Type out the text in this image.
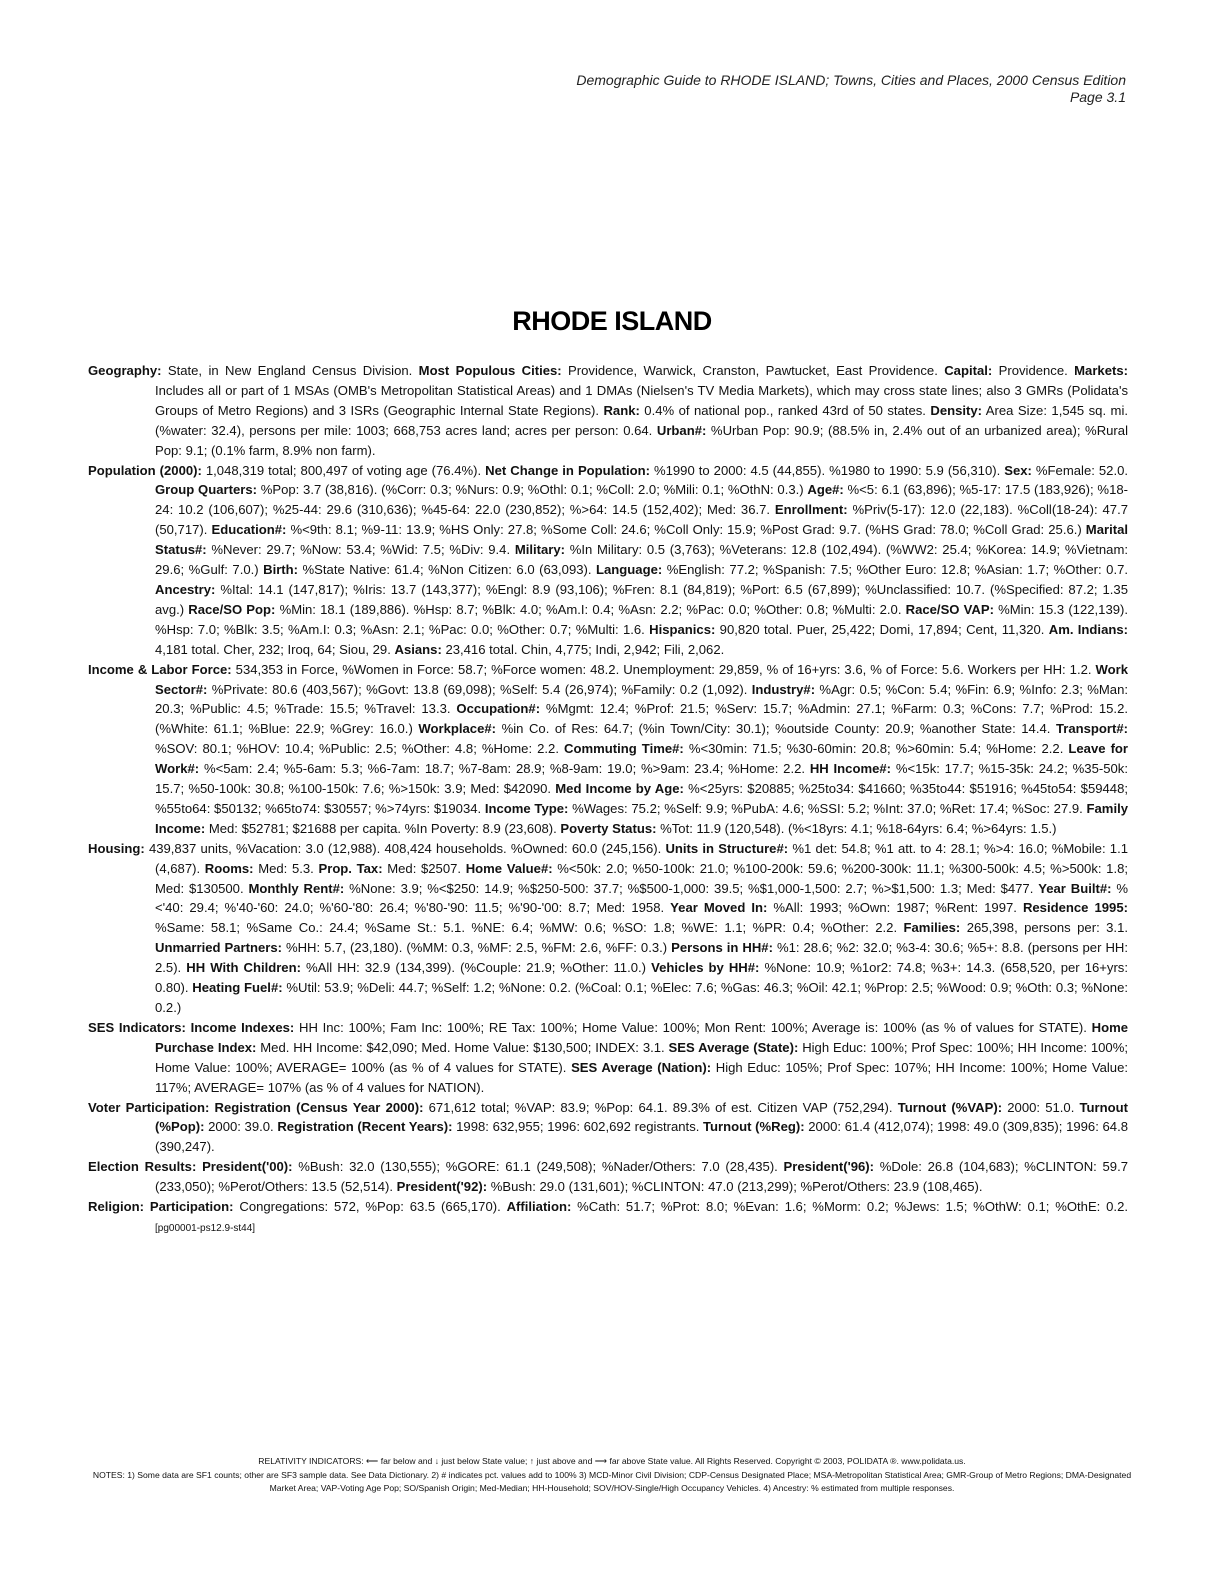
Demographic Guide to RHODE ISLAND; Towns, Cities and Places, 2000 Census Edition
Page 3.1
RHODE ISLAND

Geography: State, in New England Census Division. Most Populous Cities: Providence, Warwick, Cranston, Pawtucket, East Providence. Capital: Providence. Markets: Includes all or part of 1 MSAs (OMB's Metropolitan Statistical Areas) and 1 DMAs (Nielsen's TV Media Markets), which may cross state lines; also 3 GMRs (Polidata's Groups of Metro Regions) and 3 ISRs (Geographic Internal State Regions). Rank: 0.4% of national pop., ranked 43rd of 50 states. Density: Area Size: 1,545 sq. mi. (%water: 32.4), persons per mile: 1003; 668,753 acres land; acres per person: 0.64. Urban#: %Urban Pop: 90.9; (88.5% in, 2.4% out of an urbanized area); %Rural Pop: 9.1; (0.1% farm, 8.9% non farm).

Population (2000): 1,048,319 total; 800,497 of voting age (76.4%). Net Change in Population: %1990 to 2000: 4.5 (44,855). %1980 to 1990: 5.9 (56,310). Sex: %Female: 52.0. Group Quarters: %Pop: 3.7 (38,816). (%Corr: 0.3; %Nurs: 0.9; %Othl: 0.1; %Coll: 2.0; %Mili: 0.1; %OthN: 0.3.) Age#: %<5: 6.1 (63,896); %5-17: 17.5 (183,926); %18-24: 10.2 (106,607); %25-44: 29.6 (310,636); %45-64: 22.0 (230,852); %>64: 14.5 (152,402); Med: 36.7. Enrollment: %Priv(5-17): 12.0 (22,183). %Coll(18-24): 47.7 (50,717). Education#: %<9th: 8.1; %9-11: 13.9; %HS Only: 27.8; %Some Coll: 24.6; %Coll Only: 15.9; %Post Grad: 9.7. (%HS Grad: 78.0; %Coll Grad: 25.6.) Marital Status#: %Never: 29.7; %Now: 53.4; %Wid: 7.5; %Div: 9.4. Military: %In Military: 0.5 (3,763); %Veterans: 12.8 (102,494). (%WW2: 25.4; %Korea: 14.9; %Vietnam: 29.6; %Gulf: 7.0.) Birth: %State Native: 61.4; %Non Citizen: 6.0 (63,093). Language: %English: 77.2; %Spanish: 7.5; %Other Euro: 12.8; %Asian: 1.7; %Other: 0.7. Ancestry: %Ital: 14.1 (147,817); %Iris: 13.7 (143,377); %Engl: 8.9 (93,106); %Fren: 8.1 (84,819); %Port: 6.5 (67,899); %Unclassified: 10.7. (%Specified: 87.2; 1.35 avg.) Race/SO Pop: %Min: 18.1 (189,886). %Hsp: 8.7; %Blk: 4.0; %Am.I: 0.4; %Asn: 2.2; %Pac: 0.0; %Other: 0.8; %Multi: 2.0. Race/SO VAP: %Min: 15.3 (122,139). %Hsp: 7.0; %Blk: 3.5; %Am.I: 0.3; %Asn: 2.1; %Pac: 0.0; %Other: 0.7; %Multi: 1.6. Hispanics: 90,820 total. Puer, 25,422; Domi, 17,894; Cent, 11,320. Am. Indians: 4,181 total. Cher, 232; Iroq, 64; Siou, 29. Asians: 23,416 total. Chin, 4,775; Indi, 2,942; Fili, 2,062.

Income & Labor Force: 534,353 in Force, %Women in Force: 58.7; %Force women: 48.2. Unemployment: 29,859, % of 16+yrs: 3.6, % of Force: 5.6. Workers per HH: 1.2. Work Sector#: %Private: 80.6 (403,567); %Govt: 13.8 (69,098); %Self: 5.4 (26,974); %Family: 0.2 (1,092). Industry#: %Agr: 0.5; %Con: 5.4; %Fin: 6.9; %Info: 2.3; %Man: 20.3; %Public: 4.5; %Trade: 15.5; %Travel: 13.3. Occupation#: %Mgmt: 12.4; %Prof: 21.5; %Serv: 15.7; %Admin: 27.1; %Farm: 0.3; %Cons: 7.7; %Prod: 15.2. (%White: 61.1; %Blue: 22.9; %Grey: 16.0.) Workplace#: %in Co. of Res: 64.7; (%in Town/City: 30.1); %outside County: 20.9; %another State: 14.4. Transport#: %SOV: 80.1; %HOV: 10.4; %Public: 2.5; %Other: 4.8; %Home: 2.2. Commuting Time#: %<30min: 71.5; %30-60min: 20.8; %>60min: 5.4; %Home: 2.2. Leave for Work#: %<5am: 2.4; %5-6am: 5.3; %6-7am: 18.7; %7-8am: 28.9; %8-9am: 19.0; %>9am: 23.4; %Home: 2.2. HH Income#: %<15k: 17.7; %15-35k: 24.2; %35-50k: 15.7; %50-100k: 30.8; %100-150k: 7.6; %>150k: 3.9; Med: $42090. Med Income by Age: %<25yrs: $20885; %25to34: $41660; %35to44: $51916; %45to54: $59448; %55to64: $50132; %65to74: $30557; %>74yrs: $19034. Income Type: %Wages: 75.2; %Self: 9.9; %PubA: 4.6; %SSI: 5.2; %Int: 37.0; %Ret: 17.4; %Soc: 27.9. Family Income: Med: $52781; $21688 per capita. %In Poverty: 8.9 (23,608). Poverty Status: %Tot: 11.9 (120,548). (%<18yrs: 4.1; %18-64yrs: 6.4; %>64yrs: 1.5.)

Housing: 439,837 units, %Vacation: 3.0 (12,988). 408,424 households. %Owned: 60.0 (245,156). Units in Structure#: %1 det: 54.8; %1 att. to 4: 28.1; %>4: 16.0; %Mobile: 1.1 (4,687). Rooms: Med: 5.3. Prop. Tax: Med: $2507. Home Value#: %<50k: 2.0; %50-100k: 21.0; %100-200k: 59.6; %200-300k: 11.1; %300-500k: 4.5; %>500k: 1.8; Med: $130500. Monthly Rent#: %None: 3.9; %<$250: 14.9; %$250-500: 37.7; %$500-1,000: 39.5; %$1,000-1,500: 2.7; %>$1,500: 1.3; Med: $477. Year Built#: %<'40: 29.4; %'40-'60: 24.0; %'60-'80: 26.4; %'80-'90: 11.5; %'90-'00: 8.7; Med: 1958. Year Moved In: %All: 1993; %Own: 1987; %Rent: 1997. Residence 1995: %Same: 58.1; %Same Co.: 24.4; %Same St.: 5.1. %NE: 6.4; %MW: 0.6; %SO: 1.8; %WE: 1.1; %PR: 0.4; %Other: 2.2. Families: 265,398, persons per: 3.1. Unmarried Partners: %HH: 5.7, (23,180). (%MM: 0.3, %MF: 2.5, %FM: 2.6, %FF: 0.3.) Persons in HH#: %1: 28.6; %2: 32.0; %3-4: 30.6; %5+: 8.8. (persons per HH: 2.5). HH With Children: %All HH: 32.9 (134,399). (%Couple: 21.9; %Other: 11.0.) Vehicles by HH#: %None: 10.9; %1or2: 74.8; %3+: 14.3. (658,520, per 16+yrs: 0.80). Heating Fuel#: %Util: 53.9; %Deli: 44.7; %Self: 1.2; %None: 0.2. (%Coal: 0.1; %Elec: 7.6; %Gas: 46.3; %Oil: 42.1; %Prop: 2.5; %Wood: 0.9; %Oth: 0.3; %None: 0.2.)

SES Indicators: Income Indexes: HH Inc: 100%; Fam Inc: 100%; RE Tax: 100%; Home Value: 100%; Mon Rent: 100%; Average is: 100% (as % of values for STATE). Home Purchase Index: Med. HH Income: $42,090; Med. Home Value: $130,500; INDEX: 3.1. SES Average (State): High Educ: 100%; Prof Spec: 100%; HH Income: 100%; Home Value: 100%; AVERAGE= 100% (as % of 4 values for STATE). SES Average (Nation): High Educ: 105%; Prof Spec: 107%; HH Income: 100%; Home Value: 117%; AVERAGE= 107% (as % of 4 values for NATION).

Voter Participation: Registration (Census Year 2000): 671,612 total; %VAP: 83.9; %Pop: 64.1. 89.3% of est. Citizen VAP (752,294). Turnout (%VAP): 2000: 51.0. Turnout (%Pop): 2000: 39.0. Registration (Recent Years): 1998: 632,955; 1996: 602,692 registrants. Turnout (%Reg): 2000: 61.4 (412,074); 1998: 49.0 (309,835); 1996: 64.8 (390,247).

Election Results: President('00): %Bush: 32.0 (130,555); %GORE: 61.1 (249,508); %Nader/Others: 7.0 (28,435). President('96): %Dole: 26.8 (104,683); %CLINTON: 59.7 (233,050); %Perot/Others: 13.5 (52,514). President('92): %Bush: 29.0 (131,601); %CLINTON: 47.0 (213,299); %Perot/Others: 23.9 (108,465).

Religion: Participation: Congregations: 572, %Pop: 63.5 (665,170). Affiliation: %Cath: 51.7; %Prot: 8.0; %Evan: 1.6; %Morm: 0.2; %Jews: 1.5; %OthW: 0.1; %OthE: 0.2. [pg00001-ps12.9-st44]

RELATIVITY INDICATORS: ⟵ far below and ↓ just below State value; ↑ just above and ⟶ far above State value. All Rights Reserved. Copyright © 2003, POLIDATA ®. www.polidata.us.
NOTES: 1) Some data are SF1 counts; other are SF3 sample data. See Data Dictionary. 2) # indicates pct. values add to 100% 3) MCD-Minor Civil Division; CDP-Census Designated Place; MSA-Metropolitan Statistical Area; GMR-Group of Metro Regions; DMA-Designated Market Area; VAP-Voting Age Pop; SO/Spanish Origin; Med-Median; HH-Household; SOV/HOV-Single/High Occupancy Vehicles. 4) Ancestry: % estimated from multiple responses.
